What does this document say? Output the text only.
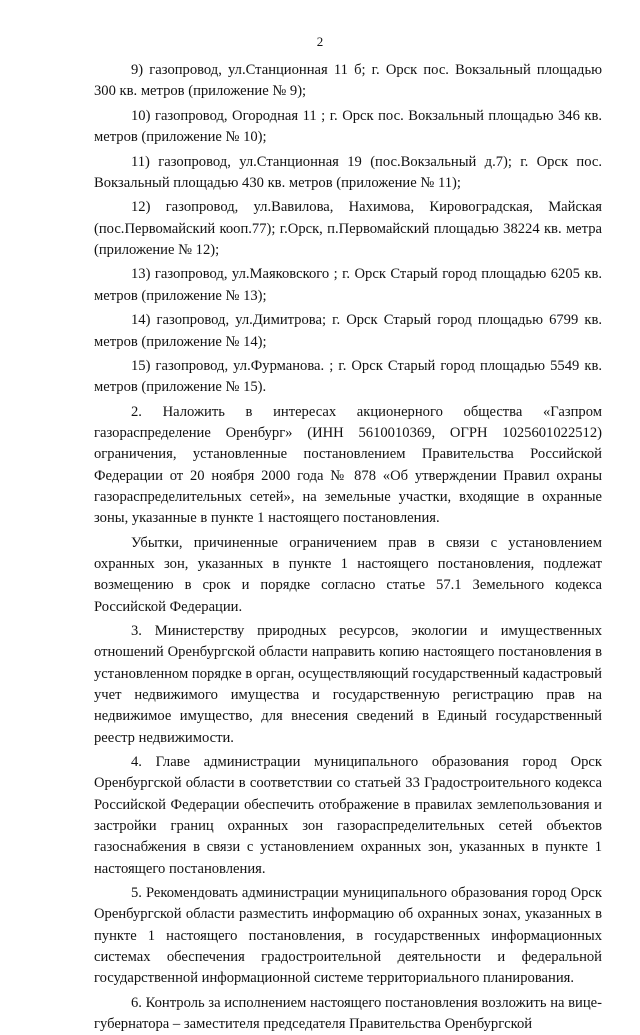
2

9) газопровод, ул.Станционная 11 б; г. Орск пос. Вокзальный площадью 300 кв. метров (приложение № 9);

10) газопровод, Огородная 11 ; г. Орск пос. Вокзальный площадью 346 кв. метров (приложение № 10);

11) газопровод, ул.Станционная 19 (пос.Вокзальный д.7); г. Орск пос. Вокзальный площадью 430 кв. метров (приложение № 11);

12) газопровод, ул.Вавилова, Нахимова, Кировоградская, Майская (пос.Первомайский кооп.77); г.Орск, п.Первомайский площадью 38224 кв. метра (приложение № 12);

13) газопровод, ул.Маяковского ; г. Орск Старый город площадью 6205 кв. метров (приложение № 13);

14) газопровод, ул.Димитрова; г. Орск Старый город площадью 6799 кв. метров (приложение № 14);

15) газопровод, ул.Фурманова. ; г. Орск Старый город площадью 5549 кв. метров (приложение № 15).

2. Наложить в интересах акционерного общества «Газпром газораспределение Оренбург» (ИНН 5610010369, ОГРН 1025601022512) ограничения, установленные постановлением Правительства Российской Федерации от 20 ноября 2000 года № 878 «Об утверждении Правил охраны газораспределительных сетей», на земельные участки, входящие в охранные зоны, указанные в пункте 1 настоящего постановления.

Убытки, причиненные ограничением прав в связи с установлением охранных зон, указанных в пункте 1 настоящего постановления, подлежат возмещению в срок и порядке согласно статье 57.1 Земельного кодекса Российской Федерации.

3. Министерству природных ресурсов, экологии и имущественных отношений Оренбургской области направить копию настоящего постановления в установленном порядке в орган, осуществляющий государственный кадастровый учет недвижимого имущества и государственную регистрацию прав на недвижимое имущество, для внесения сведений в Единый государственный реестр недвижимости.

4. Главе администрации муниципального образования город Орск Оренбургской области в соответствии со статьей 33 Градостроительного кодекса Российской Федерации обеспечить отображение в правилах землепользования и застройки границ охранных зон газораспределительных сетей объектов газоснабжения в связи с установлением охранных зон, указанных в пункте 1 настоящего постановления.

5. Рекомендовать администрации муниципального образования город Орск Оренбургской области разместить информацию об охранных зонах, указанных в пункте 1 настоящего постановления, в государственных информационных системах обеспечения градостроительной деятельности и федеральной государственной информационной системе территориального планирования.

6. Контроль за исполнением настоящего постановления возложить на вице-губернатора – заместителя председателя Правительства Оренбургской
